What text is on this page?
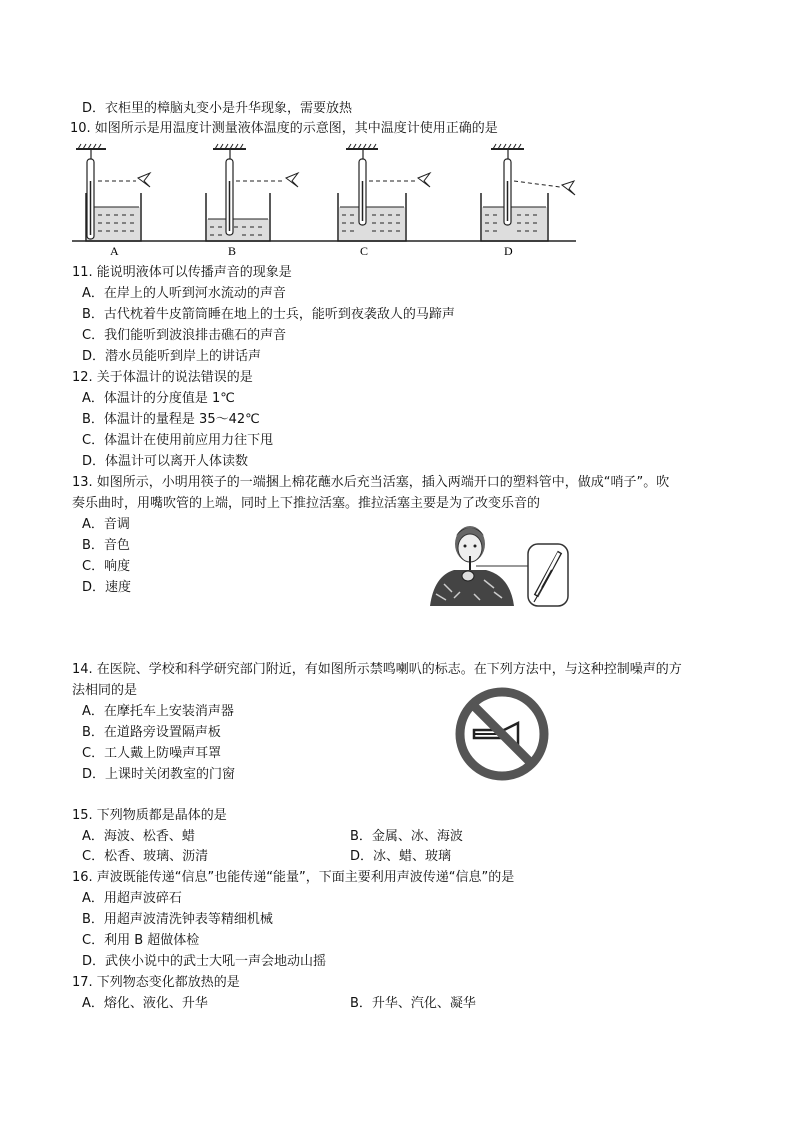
D．衣柜里的樟脑丸变小是升华现象，需要放热
10. 如图所示是用温度计测量液体温度的示意图，其中温度计使用正确的是
A	B	C	D
11. 能说明液体可以传播声音的现象是
A．在岸上的人听到河水流动的声音
B．古代枕着牛皮箭筒睡在地上的士兵，能听到夜袭敌人的马蹄声
C．我们能听到波浪排击礁石的声音
D．潜水员能听到岸上的讲话声
12. 关于体温计的说法错误的是
A．体温计的分度值是 1℃
B．体温计的量程是 35～42℃
C．体温计在使用前应用力往下甩
D．体温计可以离开人体读数
13. 如图所示，小明用筷子的一端捆上棉花蘸水后充当活塞，插入两端开口的塑料管中，做成“哨子”。吹
奏乐曲时，用嘴吹管的上端，同时上下推拉活塞。推拉活塞主要是为了改变乐音的
A．音调
B．音色
C．响度
D．速度
14. 在医院、学校和科学研究部门附近，有如图所示禁鸣喇叭的标志。在下列方法中，与这种控制噪声的方
法相同的是
A．在摩托车上安装消声器
B．在道路旁设置隔声板
C．工人戴上防噪声耳罩
D．上课时关闭教室的门窗
15. 下列物质都是晶体的是
A．海波、松香、蜡	B．金属、冰、海波
C．松香、玻璃、沥清	D．冰、蜡、玻璃
16. 声波既能传递“信息”也能传递“能量”，下面主要利用声波传递“信息”的是
A．用超声波碎石
B．用超声波清洗钟表等精细机械
C．利用 B 超做体检
D．武侠小说中的武士大吼一声会地动山摇
17. 下列物态变化都放热的是
A．熔化、液化、升华	B．升华、汽化、凝华
